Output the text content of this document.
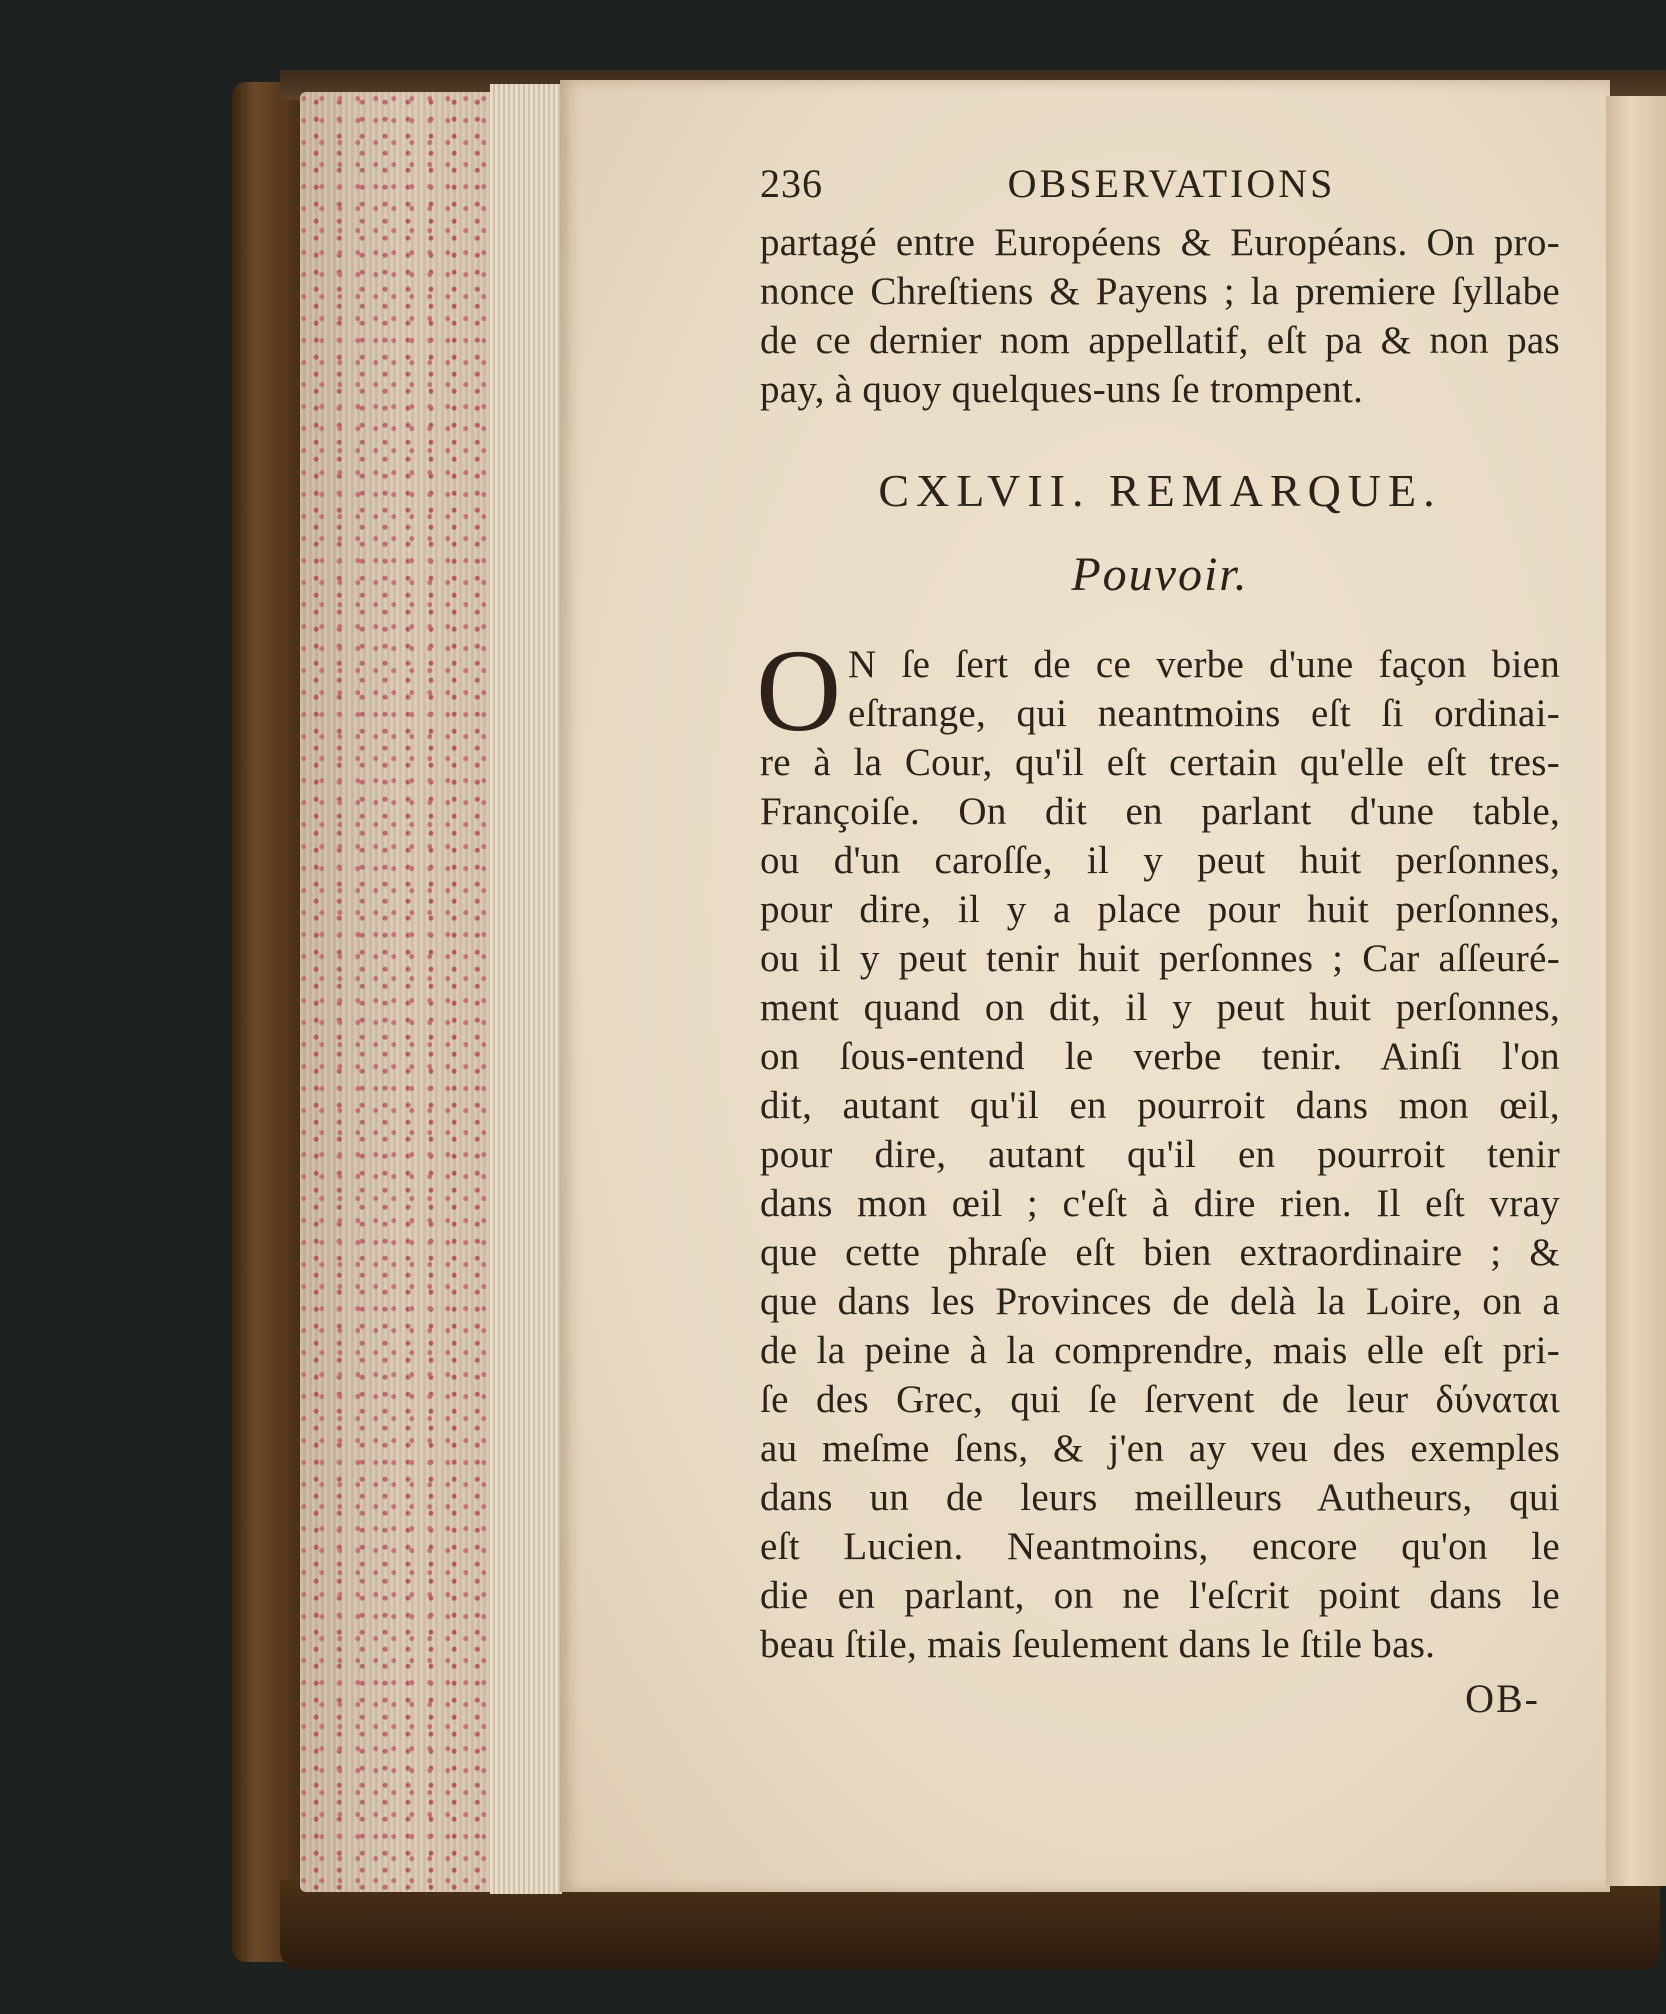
236	OBSERVATIONS
partagé entre Européens & Européans. On pro-
nonce Chreſtiens & Payens ; la premiere ſyllabe
de ce dernier nom appellatif, eſt pa & non pas
pay, à quoy quelques-uns ſe trompent.
CXLVII. REMARQUE.
Pouvoir.
O N ſe ſert de ce verbe d'une façon bien
eſtrange, qui neantmoins eſt ſi ordinai-
re à la Cour, qu'il eſt certain qu'elle eſt tres-
Françoiſe. On dit en parlant d'une table,
ou d'un caroſſe, il y peut huit perſonnes,
pour dire, il y a place pour huit perſonnes,
ou il y peut tenir huit perſonnes ; Car aſſeuré-
ment quand on dit, il y peut huit perſonnes,
on ſous-entend le verbe tenir. Ainſi l'on
dit, autant qu'il en pourroit dans mon œil,
pour dire, autant qu'il en pourroit tenir
dans mon œil ; c'eſt à dire rien. Il eſt vray
que cette phraſe eſt bien extraordinaire ; &
que dans les Provinces de delà la Loire, on a
de la peine à la comprendre, mais elle eſt pri-
ſe des Grec, qui ſe ſervent de leur δύναται
au meſme ſens, & j'en ay veu des exemples
dans un de leurs meilleurs Autheurs, qui
eſt Lucien. Neantmoins, encore qu'on le
die en parlant, on ne l'eſcrit point dans le
beau ſtile, mais ſeulement dans le ſtile bas.
OB-
